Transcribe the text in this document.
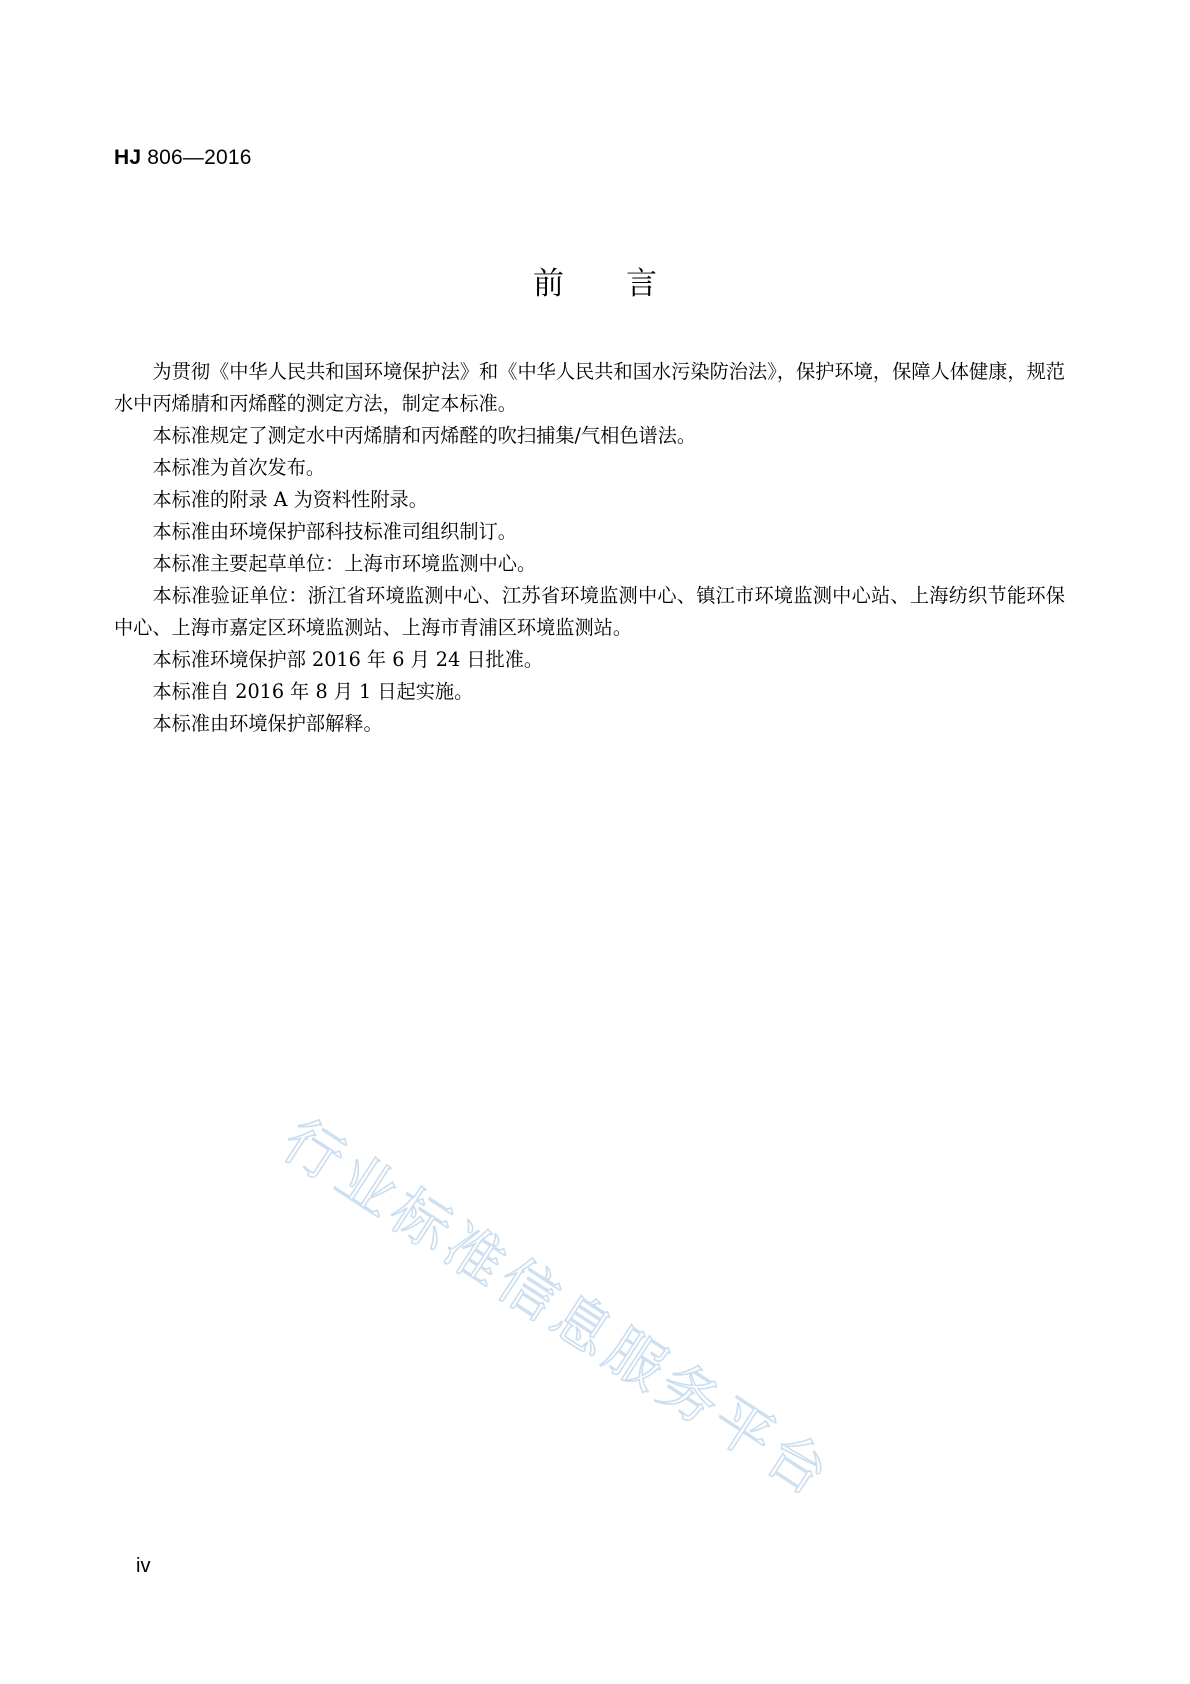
HJ 806—2016
前言

为贯彻《中华人民共和国环境保护法》和《中华人民共和国水污染防治法》，保护环境，保障人体健康，规范水中丙烯腈和丙烯醛的测定方法，制定本标准。

本标准规定了测定水中丙烯腈和丙烯醛的吹扫捕集/气相色谱法。

本标准为首次发布。

本标准的附录 A 为资料性附录。

本标准由环境保护部科技标准司组织制订。

本标准主要起草单位：上海市环境监测中心。

本标准验证单位：浙江省环境监测中心、江苏省环境监测中心、镇江市环境监测中心站、上海纺织节能环保中心、上海市嘉定区环境监测站、上海市青浦区环境监测站。

本标准环境保护部 2016 年 6 月 24 日批准。

本标准自 2016 年 8 月 1 日起实施。

本标准由环境保护部解释。

行业标准信息服务平台
iv
